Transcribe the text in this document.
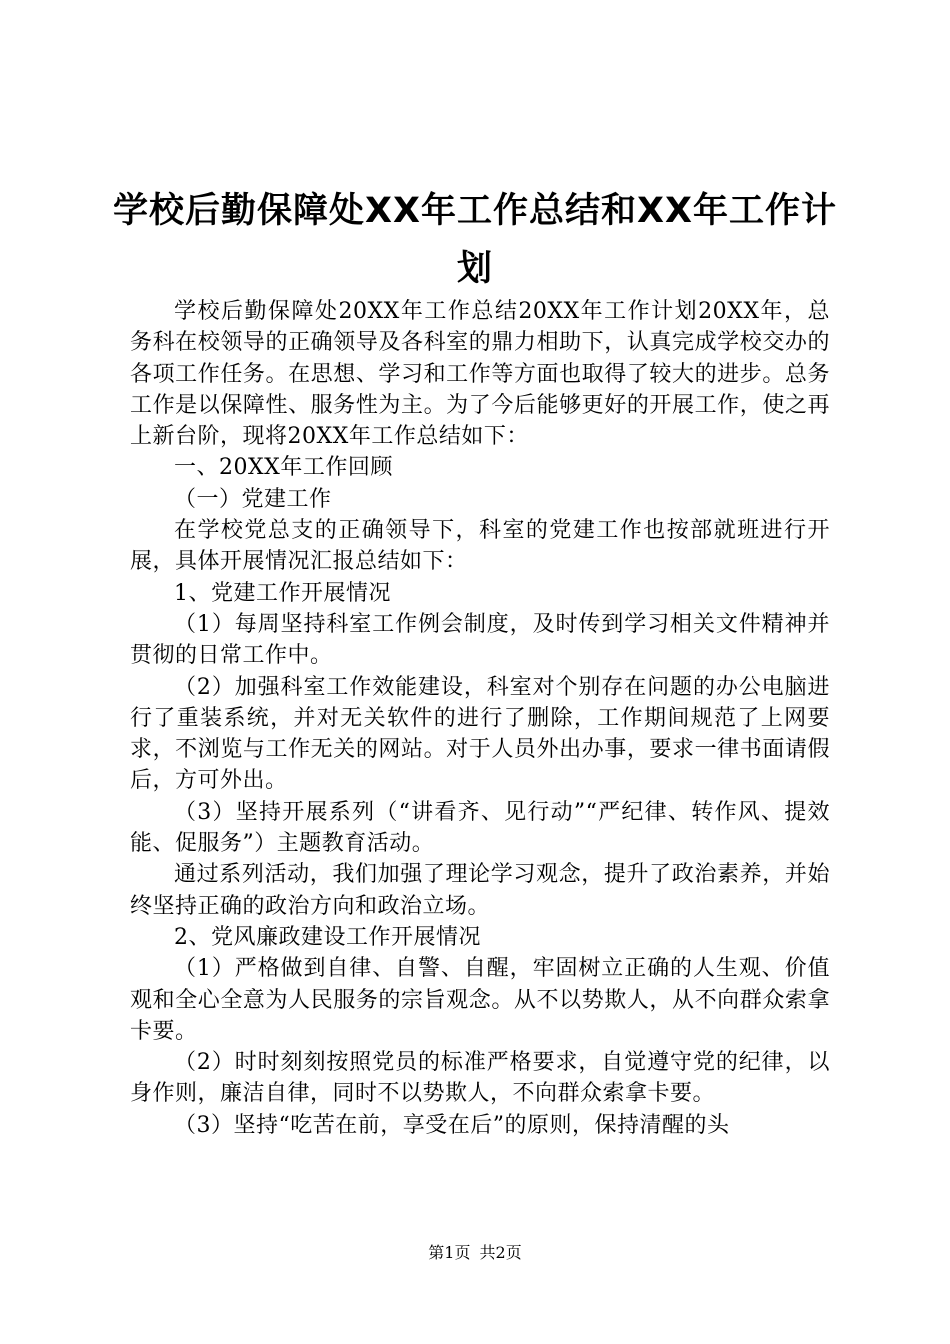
学校后勤保障处XX年工作总结和XX年工作计划

学校后勤保障处20XX年工作总结20XX年工作计划20XX年，总务科在校领导的正确领导及各科室的鼎力相助下，认真完成学校交办的各项工作任务。在思想、学习和工作等方面也取得了较大的进步。总务工作是以保障性、服务性为主。为了今后能够更好的开展工作，使之再上新台阶，现将20XX年工作总结如下：

一、20XX年工作回顾

（一）党建工作

在学校党总支的正确领导下，科室的党建工作也按部就班进行开展，具体开展情况汇报总结如下：

1、党建工作开展情况

（1）每周坚持科室工作例会制度，及时传到学习相关文件精神并贯彻的日常工作中。

（2）加强科室工作效能建设，科室对个别存在问题的办公电脑进行了重装系统，并对无关软件的进行了删除，工作期间规范了上网要求，不浏览与工作无关的网站。对于人员外出办事，要求一律书面请假后，方可外出。

（3）坚持开展系列（“讲看齐、见行动”“严纪律、转作风、提效能、促服务”）主题教育活动。

通过系列活动，我们加强了理论学习观念，提升了政治素养，并始终坚持正确的政治方向和政治立场。

2、党风廉政建设工作开展情况

（1）严格做到自律、自警、自醒，牢固树立正确的人生观、价值观和全心全意为人民服务的宗旨观念。从不以势欺人，从不向群众索拿卡要。

（2）时时刻刻按照党员的标准严格要求，自觉遵守党的纪律，以身作则，廉洁自律，同时不以势欺人，不向群众索拿卡要。

（3）坚持“吃苦在前，享受在后”的原则，保持清醒的头

第1页 共2页
